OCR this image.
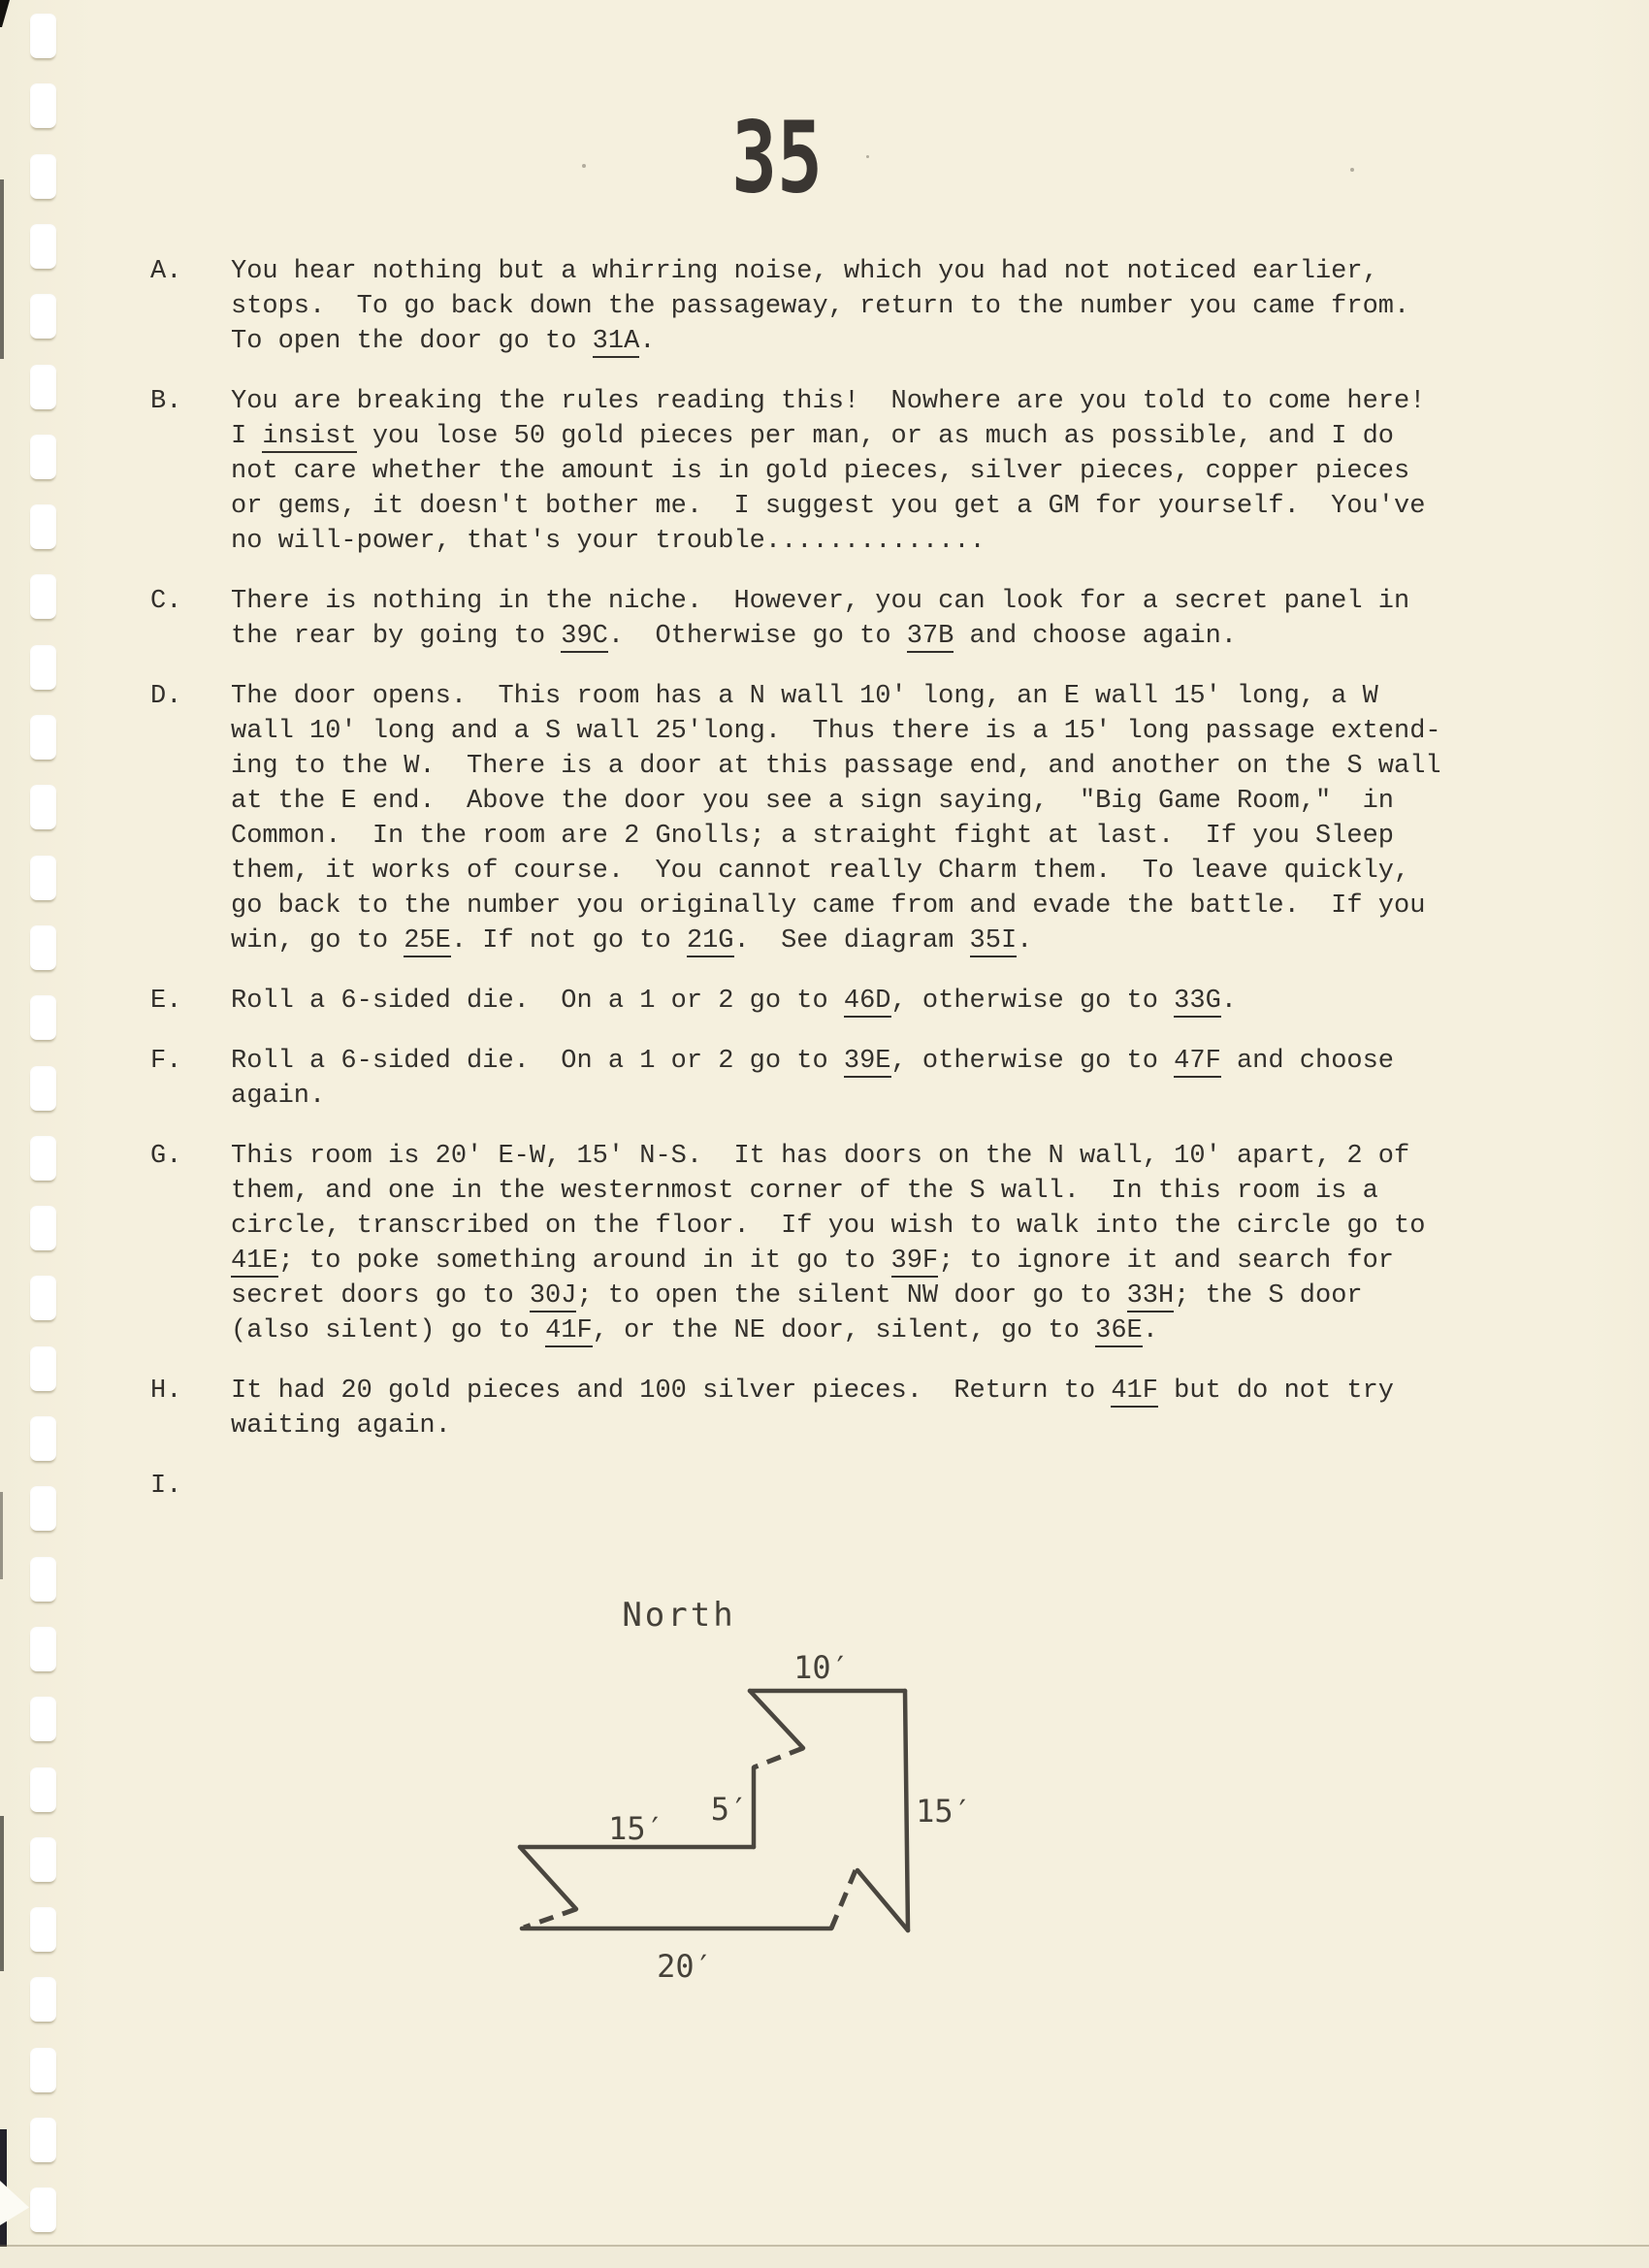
35
A.	You hear nothing but a whirring noise, which you had not noticed earlier,
stops.  To go back down the passageway, return to the number you came from.
To open the door go to 31A.
B.	You are breaking the rules reading this!  Nowhere are you told to come here!
I insist you lose 50 gold pieces per man, or as much as possible, and I do
not care whether the amount is in gold pieces, silver pieces, copper pieces
or gems, it doesn't bother me.  I suggest you get a GM for yourself.  You've
no will-power, that's your trouble..............
C.	There is nothing in the niche.  However, you can look for a secret panel in
the rear by going to 39C.  Otherwise go to 37B and choose again.
D.	The door opens.  This room has a N wall 10' long, an E wall 15' long, a W
wall 10' long and a S wall 25'long.  Thus there is a 15' long passage extend-
ing to the W.  There is a door at this passage end, and another on the S wall
at the E end.  Above the door you see a sign saying,  "Big Game Room,"  in
Common.  In the room are 2 Gnolls; a straight fight at last.  If you Sleep
them, it works of course.  You cannot really Charm them.  To leave quickly,
go back to the number you originally came from and evade the battle.  If you
win, go to 25E. If not go to 21G.  See diagram 35I.
E.	Roll a 6-sided die.  On a 1 or 2 go to 46D, otherwise go to 33G.
F.	Roll a 6-sided die.  On a 1 or 2 go to 39E, otherwise go to 47F and choose
again.
G.	This room is 20' E-W, 15' N-S.  It has doors on the N wall, 10' apart, 2 of
them, and one in the westernmost corner of the S wall.  In this room is a
circle, transcribed on the floor.  If you wish to walk into the circle go to
41E; to poke something around in it go to 39F; to ignore it and search for
secret doors go to 30J; to open the silent NW door go to 33H; the S door
(also silent) go to 41F, or the NE door, silent, go to 36E.
H.	It had 20 gold pieces and 100 silver pieces.  Return to 41F but do not try
waiting again.
I.
North
10′
15′
5′
15′
20′
